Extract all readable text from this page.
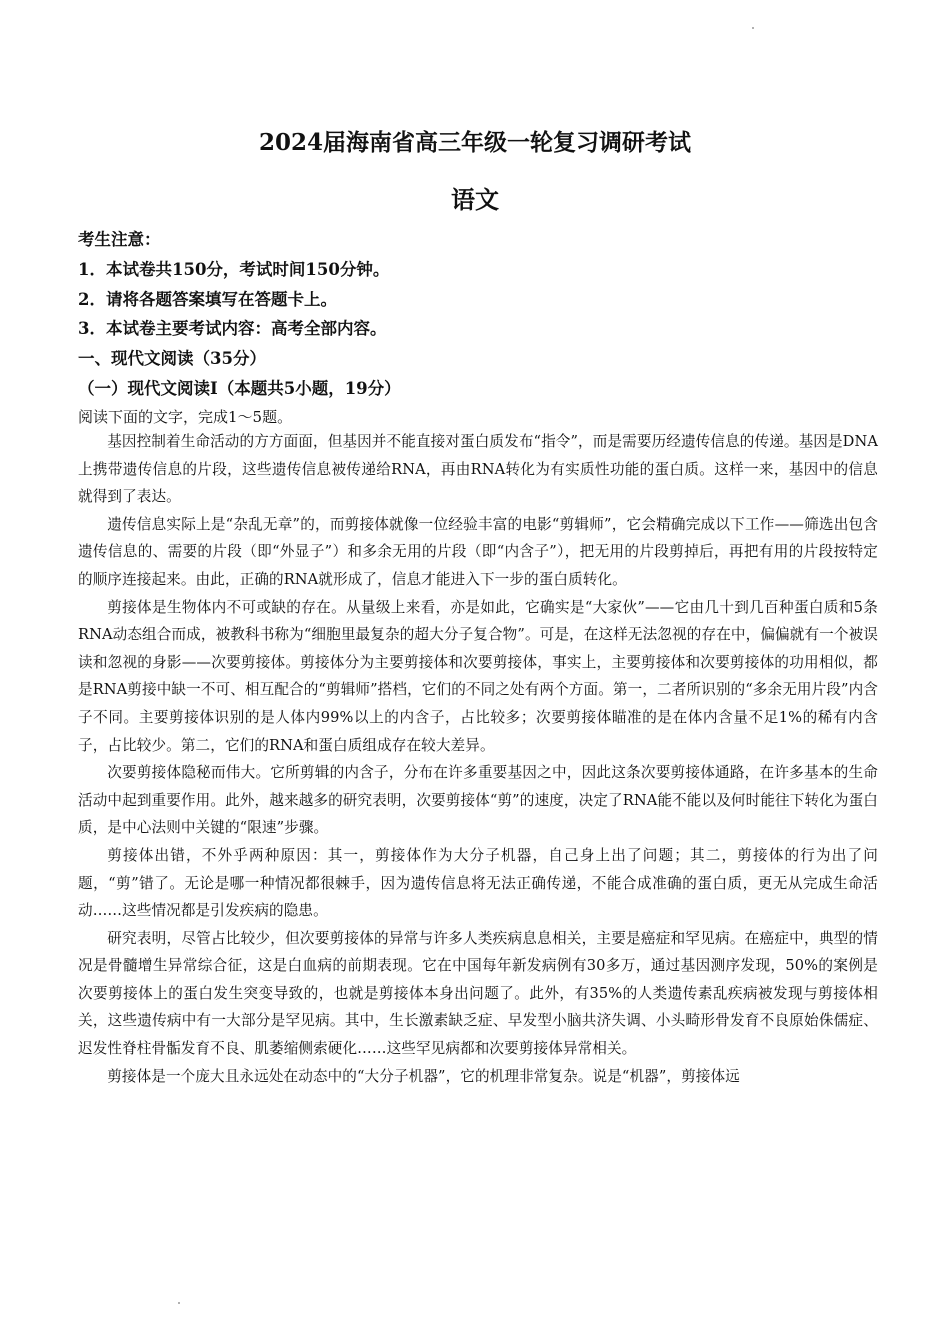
2024届海南省高三年级一轮复习调研考试
语文
考生注意：
1．本试卷共150分，考试时间150分钟。
2．请将各题答案填写在答题卡上。
3．本试卷主要考试内容：高考全部内容。
一、现代文阅读（35分）
（一）现代文阅读I（本题共5小题，19分）
阅读下面的文字，完成1～5题。

基因控制着生命活动的方方面面，但基因并不能直接对蛋白质发布“指令”，而是需要历经遗传信息的传递。基因是DNA上携带遗传信息的片段，这些遗传信息被传递给RNA，再由RNA转化为有实质性功能的蛋白质。这样一来，基因中的信息就得到了表达。

遗传信息实际上是“杂乱无章”的，而剪接体就像一位经验丰富的电影“剪辑师”，它会精确完成以下工作——筛选出包含遗传信息的、需要的片段（即“外显子”）和多余无用的片段（即“内含子”），把无用的片段剪掉后，再把有用的片段按特定的顺序连接起来。由此，正确的RNA就形成了，信息才能进入下一步的蛋白质转化。

剪接体是生物体内不可或缺的存在。从量级上来看，亦是如此，它确实是“大家伙”——它由几十到几百种蛋白质和5条RNA动态组合而成，被教科书称为“细胞里最复杂的超大分子复合物”。可是，在这样无法忽视的存在中，偏偏就有一个被误读和忽视的身影——次要剪接体。剪接体分为主要剪接体和次要剪接体，事实上，主要剪接体和次要剪接体的功用相似，都是RNA剪接中缺一不可、相互配合的“剪辑师”搭档，它们的不同之处有两个方面。第一，二者所识别的“多余无用片段”内含子不同。主要剪接体识别的是人体内99%以上的内含子，占比较多；次要剪接体瞄准的是在体内含量不足1%的稀有内含子，占比较少。第二，它们的RNA和蛋白质组成存在较大差异。

次要剪接体隐秘而伟大。它所剪辑的内含子，分布在许多重要基因之中，因此这条次要剪接体通路，在许多基本的生命活动中起到重要作用。此外，越来越多的研究表明，次要剪接体“剪”的速度，决定了RNA能不能以及何时能往下转化为蛋白质，是中心法则中关键的“限速”步骤。

剪接体出错，不外乎两种原因：其一，剪接体作为大分子机器，自己身上出了问题；其二，剪接体的行为出了问题，“剪”错了。无论是哪一种情况都很棘手，因为遗传信息将无法正确传递，不能合成准确的蛋白质，更无从完成生命活动……这些情况都是引发疾病的隐患。

研究表明，尽管占比较少，但次要剪接体的异常与许多人类疾病息息相关，主要是癌症和罕见病。在癌症中，典型的情况是骨髓增生异常综合征，这是白血病的前期表现。它在中国每年新发病例有30多万，通过基因测序发现，50%的案例是次要剪接体上的蛋白发生突变导致的，也就是剪接体本身出问题了。此外，有35%的人类遗传素乱疾病被发现与剪接体相关，这些遗传病中有一大部分是罕见病。其中，生长激素缺乏症、早发型小脑共济失调、小头畸形骨发育不良原始侏儒症、迟发性脊柱骨骺发育不良、肌萎缩侧索硬化……这些罕见病都和次要剪接体异常相关。

剪接体是一个庞大且永远处在动态中的“大分子机器”，它的机理非常复杂。说是“机器”，剪接体远
